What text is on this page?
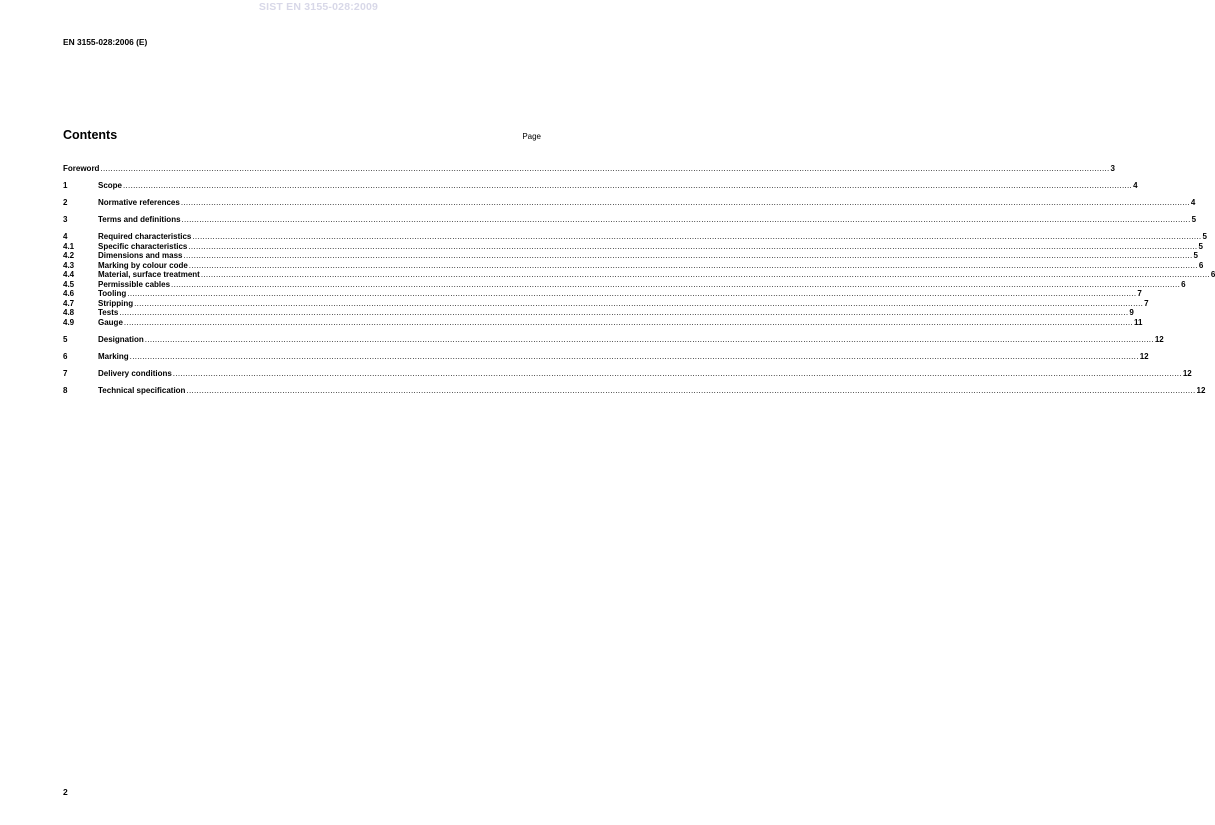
SIST EN 3155-028:2009
EN 3155-028:2006 (E)
Contents	Page
Foreword ................................................................................................................................................................................................................................................................................................................................................................................................................ 3
1	Scope ................................................................................................................................................................................................................................................................................................................................................................................................................ 4
2	Normative references ................................................................................................................................................................................................................................................................................................................................................................................................................ 4
3	Terms and definitions ................................................................................................................................................................................................................................................................................................................................................................................................................ 5
4	Required characteristics ................................................................................................................................................................................................................................................................................................................................................................................................................ 5
4.1	Specific characteristics ................................................................................................................................................................................................................................................................................................................................................................................................................ 5
4.2	Dimensions and mass ................................................................................................................................................................................................................................................................................................................................................................................................................ 5
4.3	Marking by colour code ................................................................................................................................................................................................................................................................................................................................................................................................................ 6
4.4	Material, surface treatment ................................................................................................................................................................................................................................................................................................................................................................................................................ 6
4.5	Permissible cables ................................................................................................................................................................................................................................................................................................................................................................................................................ 6
4.6	Tooling ................................................................................................................................................................................................................................................................................................................................................................................................................ 7
4.7	Stripping ................................................................................................................................................................................................................................................................................................................................................................................................................ 7
4.8	Tests ................................................................................................................................................................................................................................................................................................................................................................................................................ 9
4.9	Gauge ................................................................................................................................................................................................................................................................................................................................................................................................................ 11
5	Designation ................................................................................................................................................................................................................................................................................................................................................................................................................ 12
6	Marking ................................................................................................................................................................................................................................................................................................................................................................................................................ 12
7	Delivery conditions ................................................................................................................................................................................................................................................................................................................................................................................................................ 12
8	Technical specification ................................................................................................................................................................................................................................................................................................................................................................................................................ 12
2
